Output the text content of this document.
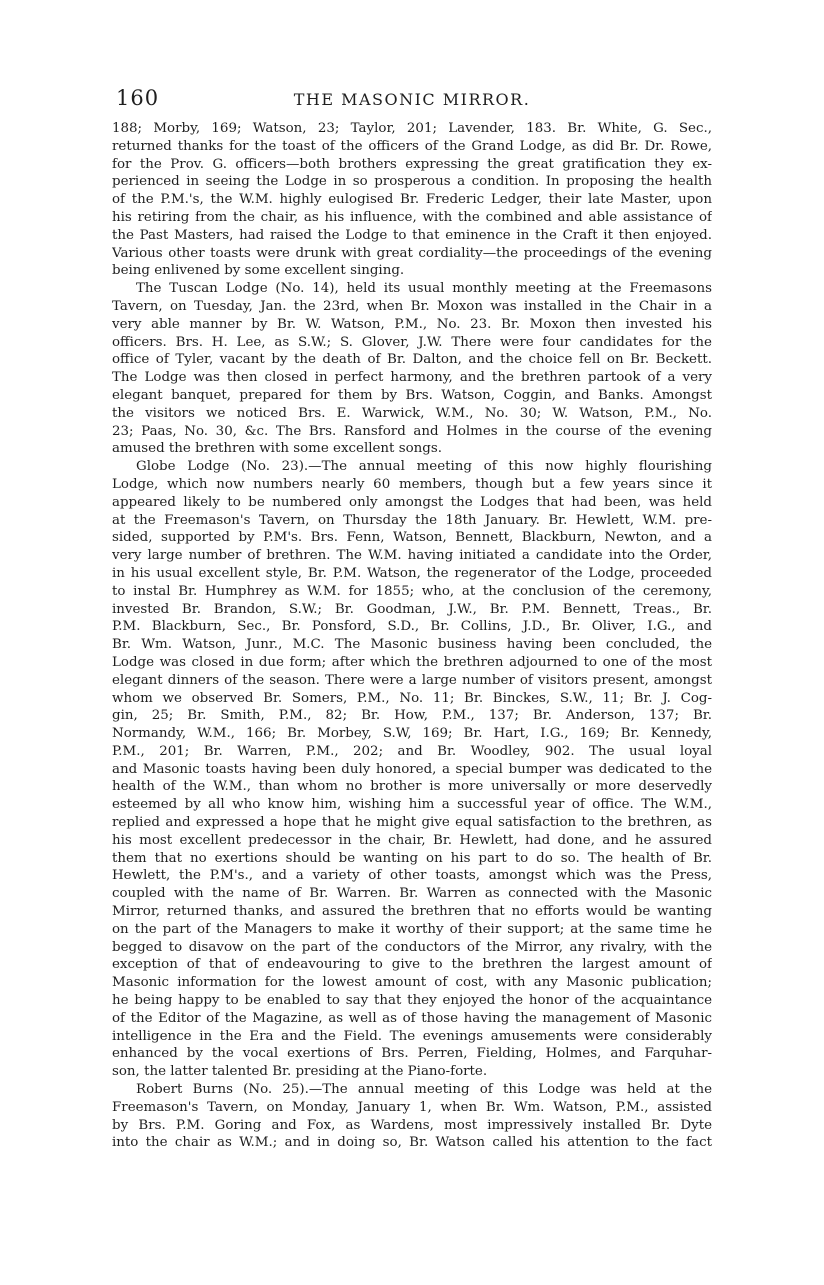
160	THE MASONIC MIRROR.
188; Morby, 169; Watson, 23; Taylor, 201; Lavender, 183. Br. White, G. Sec.,
returned thanks for the toast of the officers of the Grand Lodge, as did Br. Dr. Rowe,
for the Prov. G. officers—both brothers expressing the great gratification they ex-
perienced in seeing the Lodge in so prosperous a condition. In proposing the health
of the P.M.'s, the W.M. highly eulogised Br. Frederic Ledger, their late Master, upon
his retiring from the chair, as his influence, with the combined and able assistance of
the Past Masters, had raised the Lodge to that eminence in the Craft it then enjoyed.
Various other toasts were drunk with great cordiality—the proceedings of the evening
being enlivened by some excellent singing.
The Tuscan Lodge (No. 14), held its usual monthly meeting at the Freemasons
Tavern, on Tuesday, Jan. the 23rd, when Br. Moxon was installed in the Chair in a
very able manner by Br. W. Watson, P.M., No. 23. Br. Moxon then invested his
officers. Brs. H. Lee, as S.W.; S. Glover, J.W. There were four candidates for the
office of Tyler, vacant by the death of Br. Dalton, and the choice fell on Br. Beckett.
The Lodge was then closed in perfect harmony, and the brethren partook of a very
elegant banquet, prepared for them by Brs. Watson, Coggin, and Banks. Amongst
the visitors we noticed Brs. E. Warwick, W.M., No. 30; W. Watson, P.M., No.
23; Paas, No. 30, &c. The Brs. Ransford and Holmes in the course of the evening
amused the brethren with some excellent songs.
Globe Lodge (No. 23).—The annual meeting of this now highly flourishing
Lodge, which now numbers nearly 60 members, though but a few years since it
appeared likely to be numbered only amongst the Lodges that had been, was held
at the Freemason's Tavern, on Thursday the 18th January. Br. Hewlett, W.M. pre-
sided, supported by P.M's. Brs. Fenn, Watson, Bennett, Blackburn, Newton, and a
very large number of brethren. The W.M. having initiated a candidate into the Order,
in his usual excellent style, Br. P.M. Watson, the regenerator of the Lodge, proceeded
to instal Br. Humphrey as W.M. for 1855; who, at the conclusion of the ceremony,
invested Br. Brandon, S.W.; Br. Goodman, J.W., Br. P.M. Bennett, Treas., Br.
P.M. Blackburn, Sec., Br. Ponsford, S.D., Br. Collins, J.D., Br. Oliver, I.G., and
Br. Wm. Watson, Junr., M.C. The Masonic business having been concluded, the
Lodge was closed in due form; after which the brethren adjourned to one of the most
elegant dinners of the season. There were a large number of visitors present, amongst
whom we observed Br. Somers, P.M., No. 11; Br. Binckes, S.W., 11; Br. J. Cog-
gin, 25; Br. Smith, P.M., 82; Br. How, P.M., 137; Br. Anderson, 137; Br.
Normandy, W.M., 166; Br. Morbey, S.W, 169; Br. Hart, I.G., 169; Br. Kennedy,
P.M., 201; Br. Warren, P.M., 202; and Br. Woodley, 902. The usual loyal
and Masonic toasts having been duly honored, a special bumper was dedicated to the
health of the W.M., than whom no brother is more universally or more deservedly
esteemed by all who know him, wishing him a successful year of office. The W.M.,
replied and expressed a hope that he might give equal satisfaction to the brethren, as
his most excellent predecessor in the chair, Br. Hewlett, had done, and he assured
them that no exertions should be wanting on his part to do so. The health of Br.
Hewlett, the P.M's., and a variety of other toasts, amongst which was the Press,
coupled with the name of Br. Warren. Br. Warren as connected with the Masonic
Mirror, returned thanks, and assured the brethren that no efforts would be wanting
on the part of the Managers to make it worthy of their support; at the same time he
begged to disavow on the part of the conductors of the Mirror, any rivalry, with the
exception of that of endeavouring to give to the brethren the largest amount of
Masonic information for the lowest amount of cost, with any Masonic publication;
he being happy to be enabled to say that they enjoyed the honor of the acquaintance
of the Editor of the Magazine, as well as of those having the management of Masonic
intelligence in the Era and the Field. The evenings amusements were considerably
enhanced by the vocal exertions of Brs. Perren, Fielding, Holmes, and Farquhar-
son, the latter talented Br. presiding at the Piano-forte.
Robert Burns (No. 25).—The annual meeting of this Lodge was held at the
Freemason's Tavern, on Monday, January 1, when Br. Wm. Watson, P.M., assisted
by Brs. P.M. Goring and Fox, as Wardens, most impressively installed Br. Dyte
into the chair as W.M.; and in doing so, Br. Watson called his attention to the fact
